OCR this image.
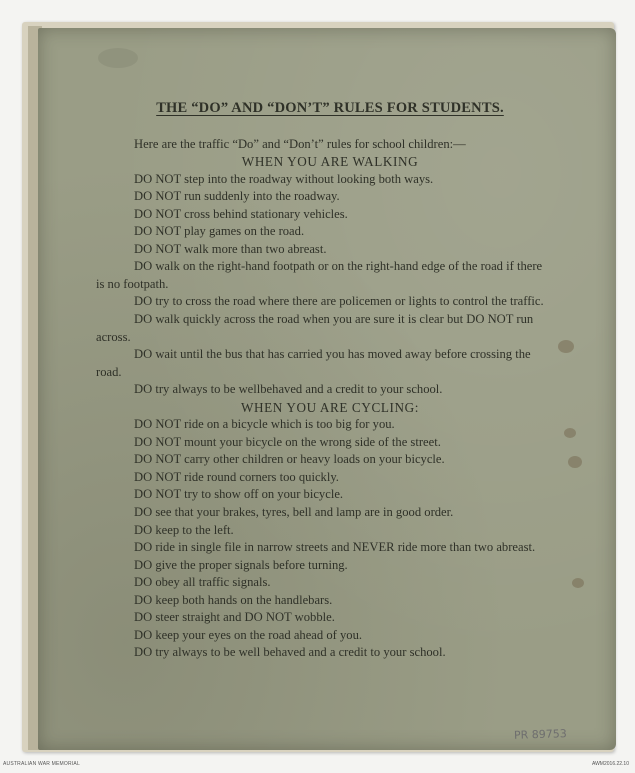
THE “DO” AND “DON’T” RULES FOR STUDENTS.

Here are the traffic “Do” and “Don’t” rules for school children:—

WHEN YOU ARE WALKING

DO NOT step into the roadway without looking both ways.

DO NOT run suddenly into the roadway.

DO NOT cross behind stationary vehicles.

DO NOT play games on the road.

DO NOT walk more than two abreast.

DO walk on the right-hand footpath or on the right-hand edge of the road if there is no footpath.

DO try to cross the road where there are policemen or lights to control the traffic.

DO walk quickly across the road when you are sure it is clear but DO NOT run across.

DO wait until the bus that has carried you has moved away before crossing the road.

DO try always to be wellbehaved and a credit to your school.

WHEN YOU ARE CYCLING:

DO NOT ride on a bicycle which is too big for you.

DO NOT mount your bicycle on the wrong side of the street.

DO NOT carry other children or heavy loads on your bicycle.

DO NOT ride round corners too quickly.

DO NOT try to show off on your bicycle.

DO see that your brakes, tyres, bell and lamp are in good order.

DO keep to the left.

DO ride in single file in narrow streets and NEVER ride more than two abreast.

DO give the proper signals before turning.

DO obey all traffic signals.

DO keep both hands on the handlebars.

DO steer straight and DO NOT wobble.

DO keep your eyes on the road ahead of you.

DO try always to be well behaved and a credit to your school.

PR 89753
AUSTRALIAN WAR MEMORIAL	AWM2016.22.10
